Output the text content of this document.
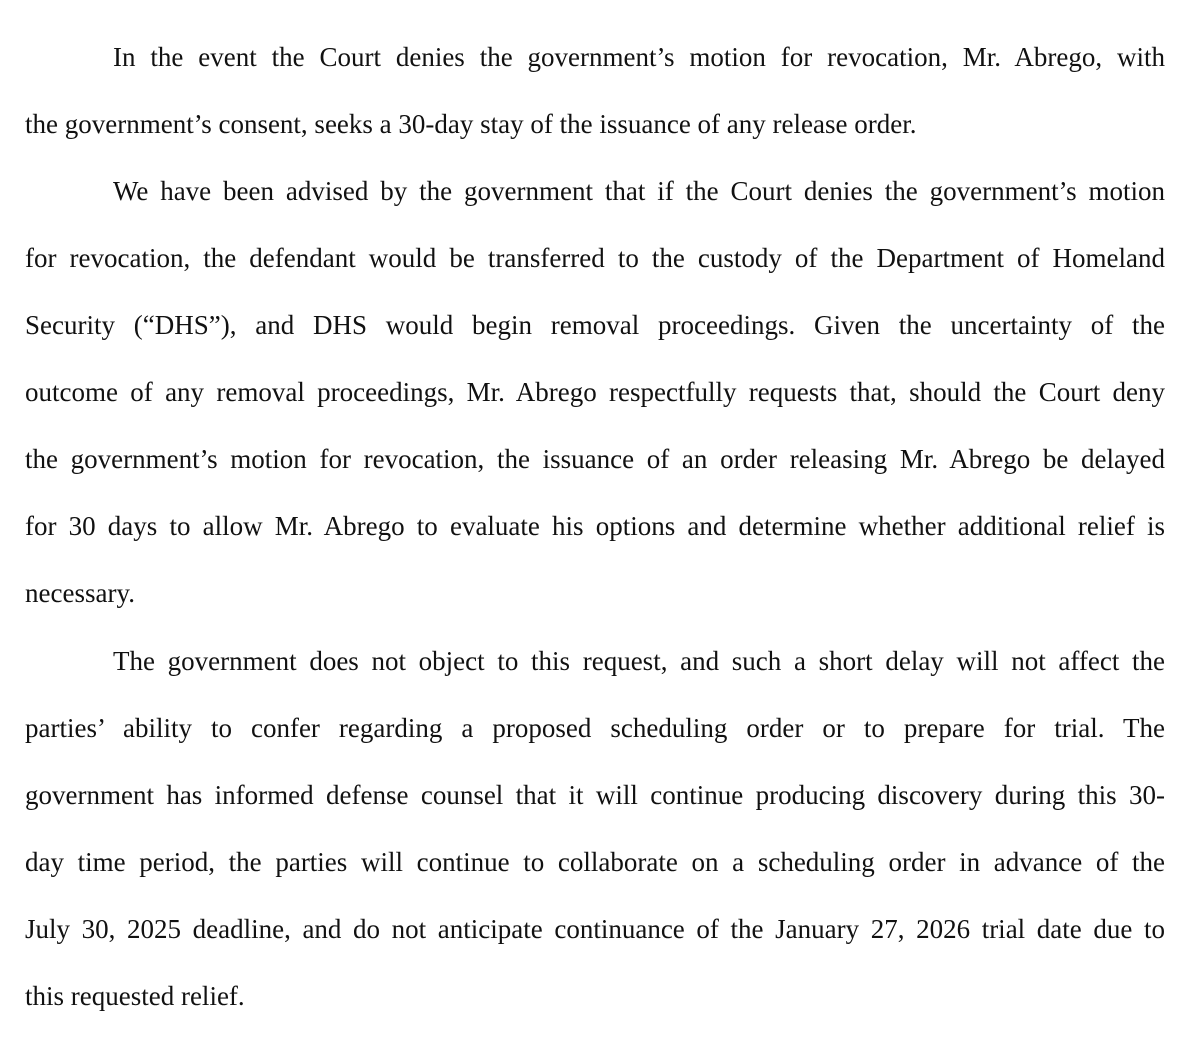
In the event the Court denies the government’s motion for revocation, Mr. Abrego, with
the government’s consent, seeks a 30-day stay of the issuance of any release order.
We have been advised by the government that if the Court denies the government’s motion
for revocation, the defendant would be transferred to the custody of the Department of Homeland
Security (“DHS”), and DHS would begin removal proceedings. Given the uncertainty of the
outcome of any removal proceedings, Mr. Abrego respectfully requests that, should the Court deny
the government’s motion for revocation, the issuance of an order releasing Mr. Abrego be delayed
for 30 days to allow Mr. Abrego to evaluate his options and determine whether additional relief is
necessary.
The government does not object to this request, and such a short delay will not affect the
parties’ ability to confer regarding a proposed scheduling order or to prepare for trial. The
government has informed defense counsel that it will continue producing discovery during this 30-
day time period, the parties will continue to collaborate on a scheduling order in advance of the
July 30, 2025 deadline, and do not anticipate continuance of the January 27, 2026 trial date due to
this requested relief.
